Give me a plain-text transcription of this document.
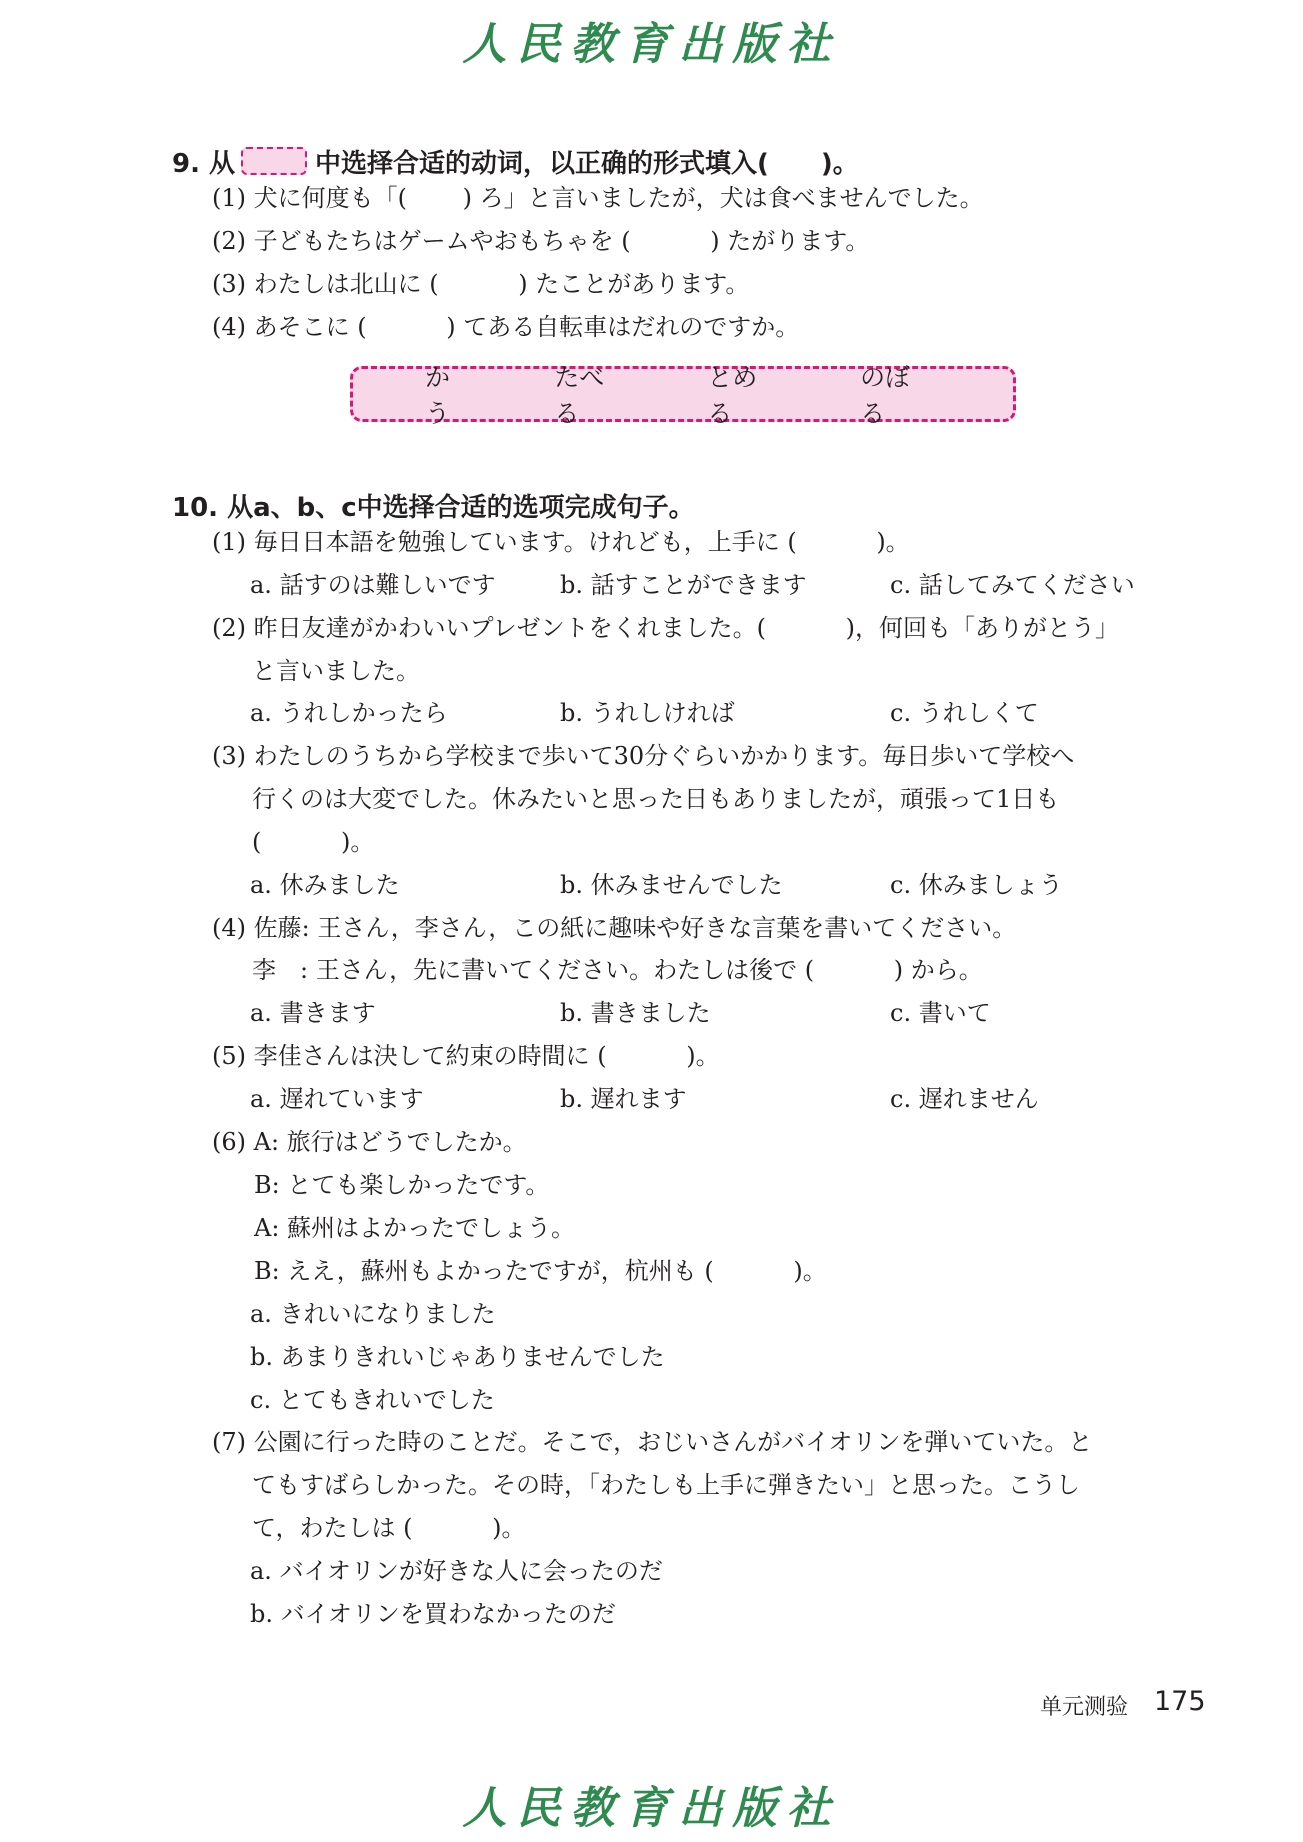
人民教育出版社
9. 从	中选择合适的动词，以正确的形式填入(　　)。
(1) 犬に何度も「(　　 ) ろ」と言いましたが，犬は食べませんでした。
(2) 子どもたちはゲームやおもちゃを (　　　 ) たがります。
(3) わたしは北山に (　　　 ) たことがあります。
(4) あそこに (　　　 ) てある自転車はだれのですか。
かう
たべる
とめる
のぼる
10. 从a、b、c中选择合适的选项完成句子。
(1) 毎日日本語を勉強しています。けれども，上手に (　　　 )。
a. 話すのは難しいです	b. 話すことができます	c. 話してみてください
(2) 昨日友達がかわいいプレゼントをくれました。(　　　 )，何回も「ありがとう」
と言いました。
a. うれしかったら	b. うれしければ	c. うれしくて
(3) わたしのうちから学校まで歩いて30分ぐらいかかります。毎日歩いて学校へ
行くのは大変でした。休みたいと思った日もありましたが，頑張って1日も
(　　　 )。
a. 休みました	b. 休みませんでした	c. 休みましょう
(4) 佐藤: 王さん，李さん，この紙に趣味や好きな言葉を書いてください。
李　: 王さん，先に書いてください。わたしは後で (　　　 ) から。
a. 書きます	b. 書きました	c. 書いて
(5) 李佳さんは決して約束の時間に (　　　 )。
a. 遅れています	b. 遅れます	c. 遅れません
(6) A: 旅行はどうでしたか。
B: とても楽しかったです。
A: 蘇州はよかったでしょう。
B: ええ，蘇州もよかったですが，杭州も (　　　 )。
a. きれいになりました
b. あまりきれいじゃありませんでした
c. とてもきれいでした
(7) 公園に行った時のことだ。そこで，おじいさんがバイオリンを弾いていた。と
てもすばらしかった。その時，「わたしも上手に弾きたい」と思った。こうし
て，わたしは (　　　 )。
a. バイオリンが好きな人に会ったのだ
b. バイオリンを買わなかったのだ
单元测验 175
人民教育出版社
